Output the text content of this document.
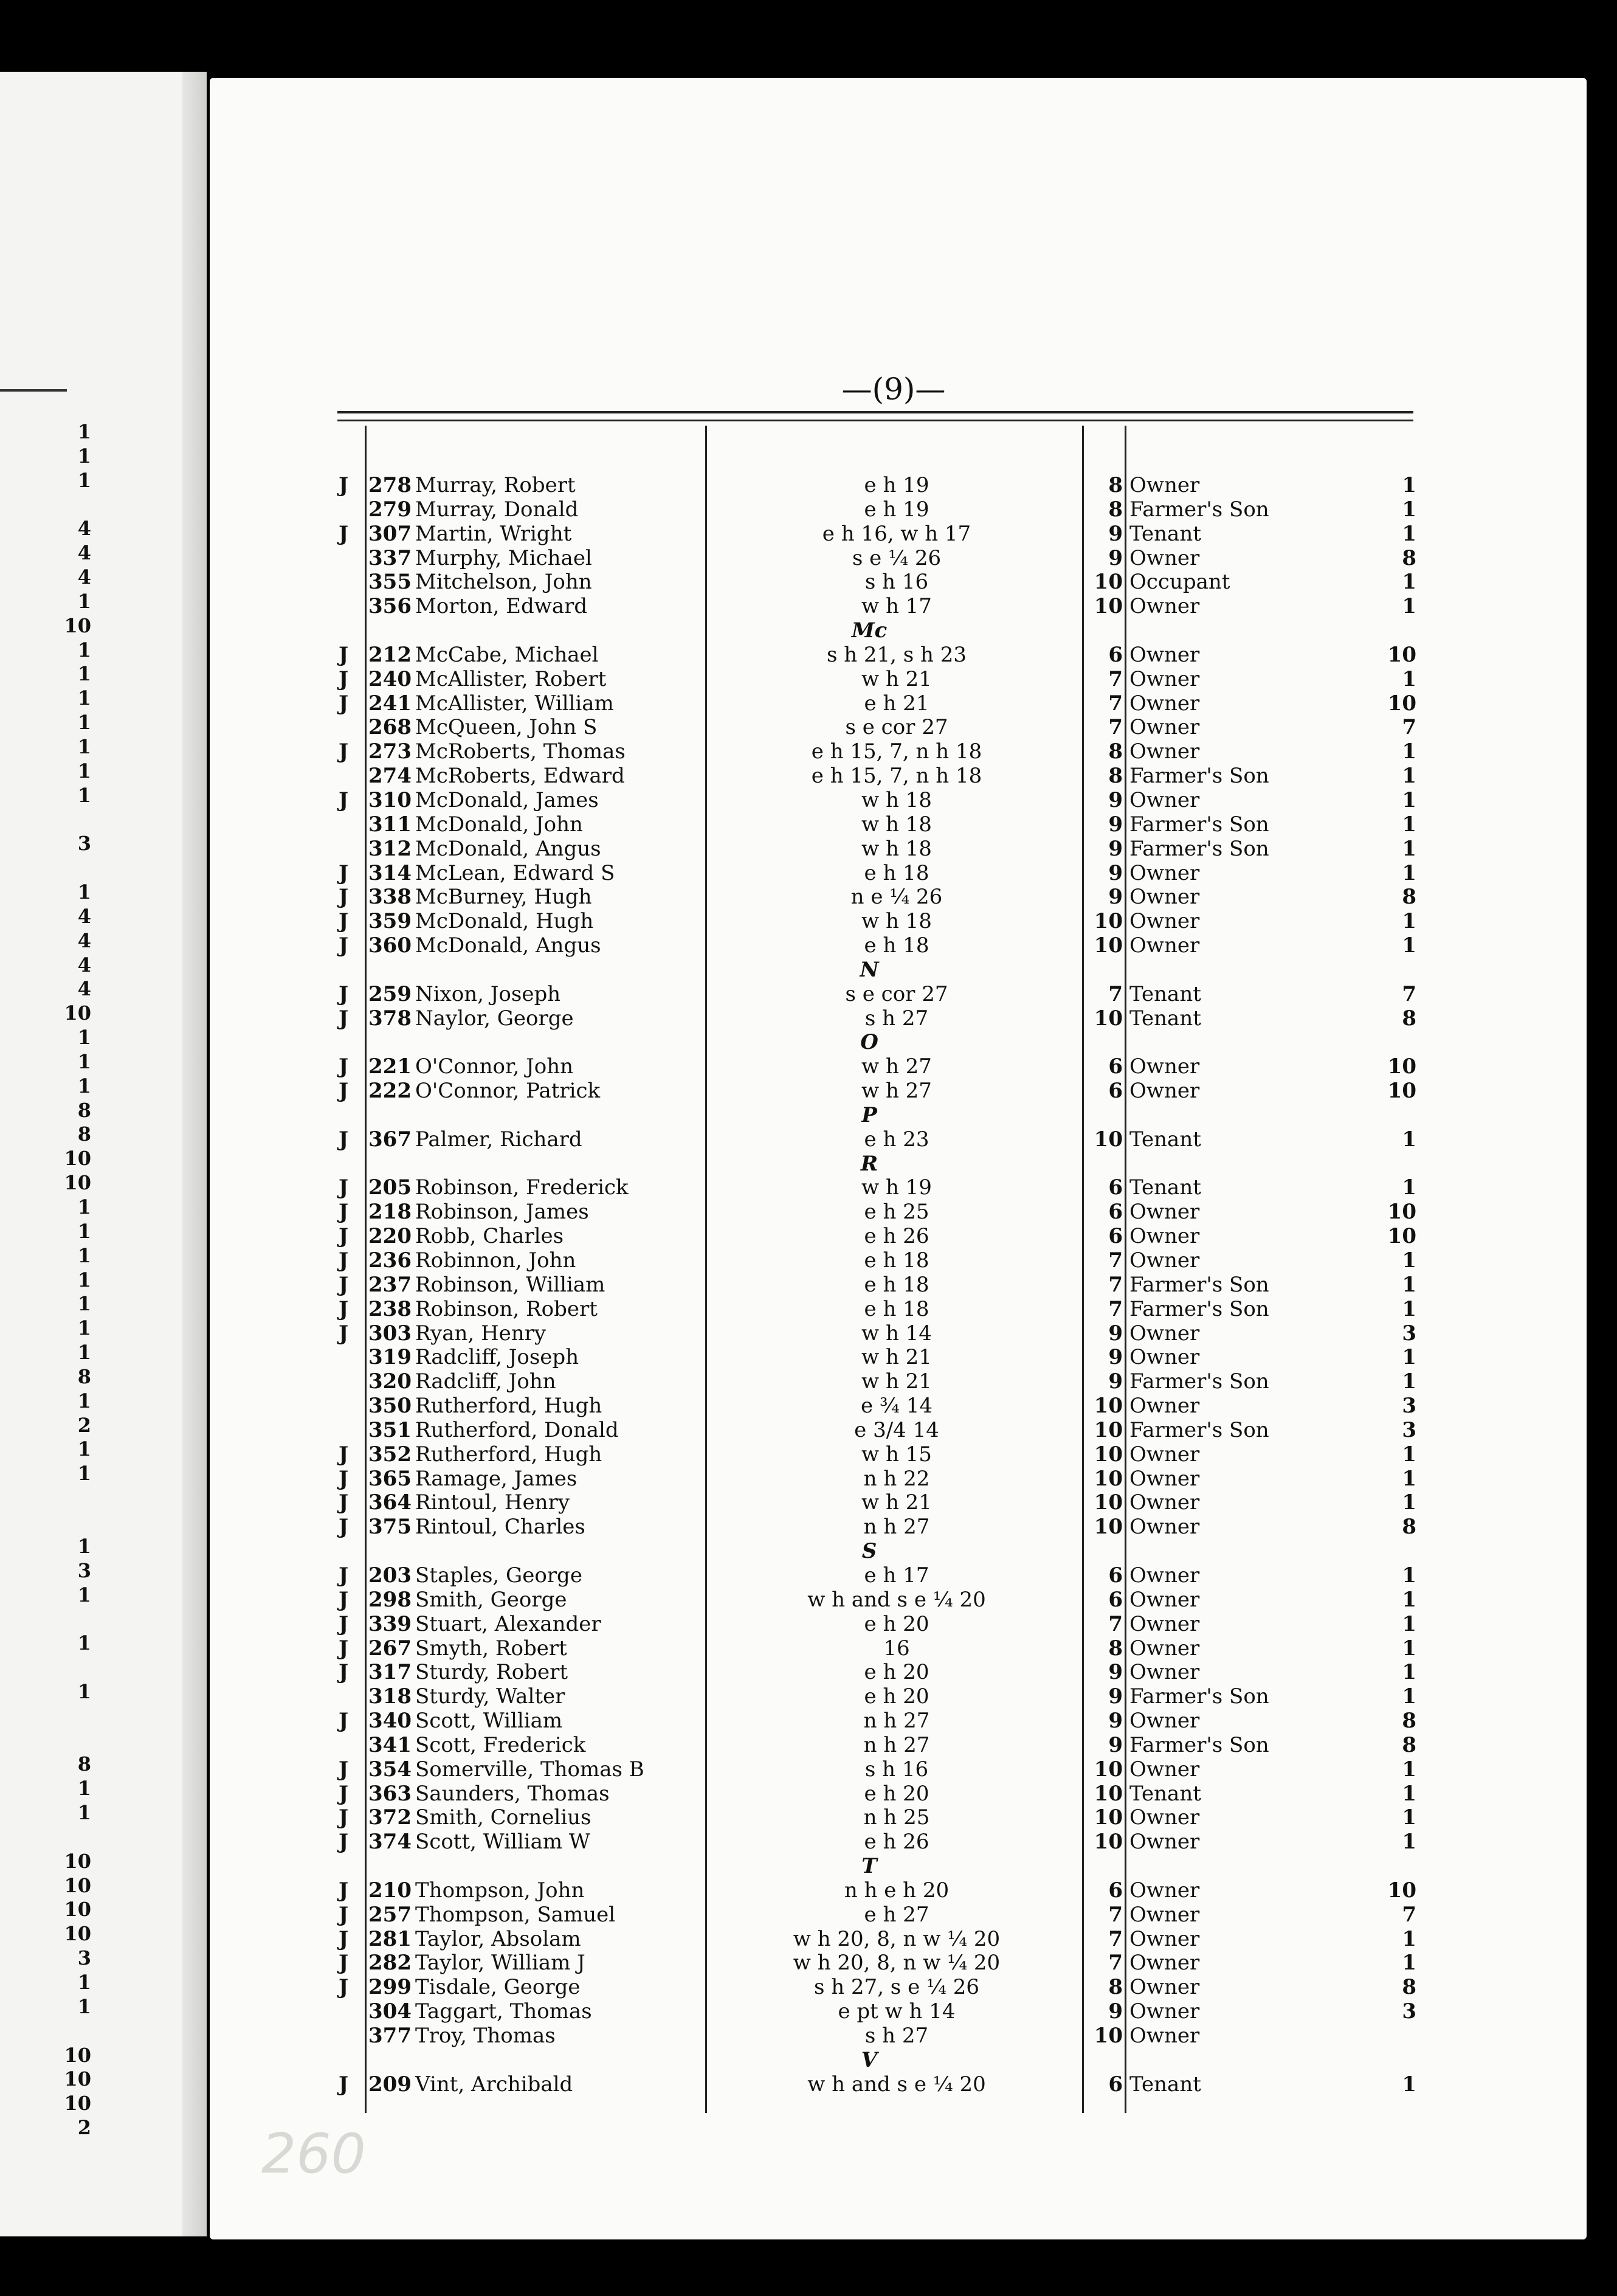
1
1
1
4
4
4
1
10
1
1
1
1
1
1
1
3
1
4
4
4
4
10
1
1
1
8
8
10
10
1
1
1
1
1
1
1
8
1
2
1
1
1
3
1
1
1
8
1
1
10
10
10
10
3
1
1
10
10
10
2
—(9)—
J 278 Murray, Robert	e h 19	8 Owner	1
279 Murray, Donald	e h 19	8 Farmer's Son	1
J 307 Martin, Wright	e h 16, w h 17	9 Tenant	1
337 Murphy, Michael	s e ¼ 26	9 Owner	8
355 Mitchelson, John	s h 16	10 Occupant	1
356 Morton, Edward	w h 17	10 Owner	1
Mc
J 212 McCabe, Michael	s h 21, s h 23	6 Owner	10
J 240 McAllister, Robert	w h 21	7 Owner	1
J 241 McAllister, William	e h 21	7 Owner	10
268 McQueen, John S	s e cor 27	7 Owner	7
J 273 McRoberts, Thomas	e h 15, 7, n h 18	8 Owner	1
274 McRoberts, Edward	e h 15, 7, n h 18	8 Farmer's Son	1
J 310 McDonald, James	w h 18	9 Owner	1
311 McDonald, John	w h 18	9 Farmer's Son	1
312 McDonald, Angus	w h 18	9 Farmer's Son	1
J 314 McLean, Edward S	e h 18	9 Owner	1
J 338 McBurney, Hugh	n e ¼ 26	9 Owner	8
J 359 McDonald, Hugh	w h 18	10 Owner	1
J 360 McDonald, Angus	e h 18	10 Owner	1
N
J 259 Nixon, Joseph	s e cor 27	7 Tenant	7
J 378 Naylor, George	s h 27	10 Tenant	8
O
J 221 O'Connor, John	w h 27	6 Owner	10
J 222 O'Connor, Patrick	w h 27	6 Owner	10
P
J 367 Palmer, Richard	e h 23	10 Tenant	1
R
J 205 Robinson, Frederick	w h 19	6 Tenant	1
J 218 Robinson, James	e h 25	6 Owner	10
J 220 Robb, Charles	e h 26	6 Owner	10
J 236 Robinnon, John	e h 18	7 Owner	1
J 237 Robinson, William	e h 18	7 Farmer's Son	1
J 238 Robinson, Robert	e h 18	7 Farmer's Son	1
J 303 Ryan, Henry	w h 14	9 Owner	3
319 Radcliff, Joseph	w h 21	9 Owner	1
320 Radcliff, John	w h 21	9 Farmer's Son	1
350 Rutherford, Hugh	e ¾ 14	10 Owner	3
351 Rutherford, Donald	e 3/4 14	10 Farmer's Son	3
J 352 Rutherford, Hugh	w h 15	10 Owner	1
J 365 Ramage, James	n h 22	10 Owner	1
J 364 Rintoul, Henry	w h 21	10 Owner	1
J 375 Rintoul, Charles	n h 27	10 Owner	8
S
J 203 Staples, George	e h 17	6 Owner	1
J 298 Smith, George	w h and s e ¼ 20	6 Owner	1
J 339 Stuart, Alexander	e h 20	7 Owner	1
J 267 Smyth, Robert	16	8 Owner	1
J 317 Sturdy, Robert	e h 20	9 Owner	1
318 Sturdy, Walter	e h 20	9 Farmer's Son	1
J 340 Scott, William	n h 27	9 Owner	8
341 Scott, Frederick	n h 27	9 Farmer's Son	8
J 354 Somerville, Thomas B	s h 16	10 Owner	1
J 363 Saunders, Thomas	e h 20	10 Tenant	1
J 372 Smith, Cornelius	n h 25	10 Owner	1
J 374 Scott, William W	e h 26	10 Owner	1
T
J 210 Thompson, John	n h e h 20	6 Owner	10
J 257 Thompson, Samuel	e h 27	7 Owner	7
J 281 Taylor, Absolam	w h 20, 8, n w ¼ 20	7 Owner	1
J 282 Taylor, William J	w h 20, 8, n w ¼ 20	7 Owner	1
J 299 Tisdale, George	s h 27, s e ¼ 26	8 Owner	8
304 Taggart, Thomas	e pt w h 14	9 Owner	3
377 Troy, Thomas	s h 27	10 Owner
V
J 209 Vint, Archibald	w h and s e ¼ 20	6 Tenant	1
260
